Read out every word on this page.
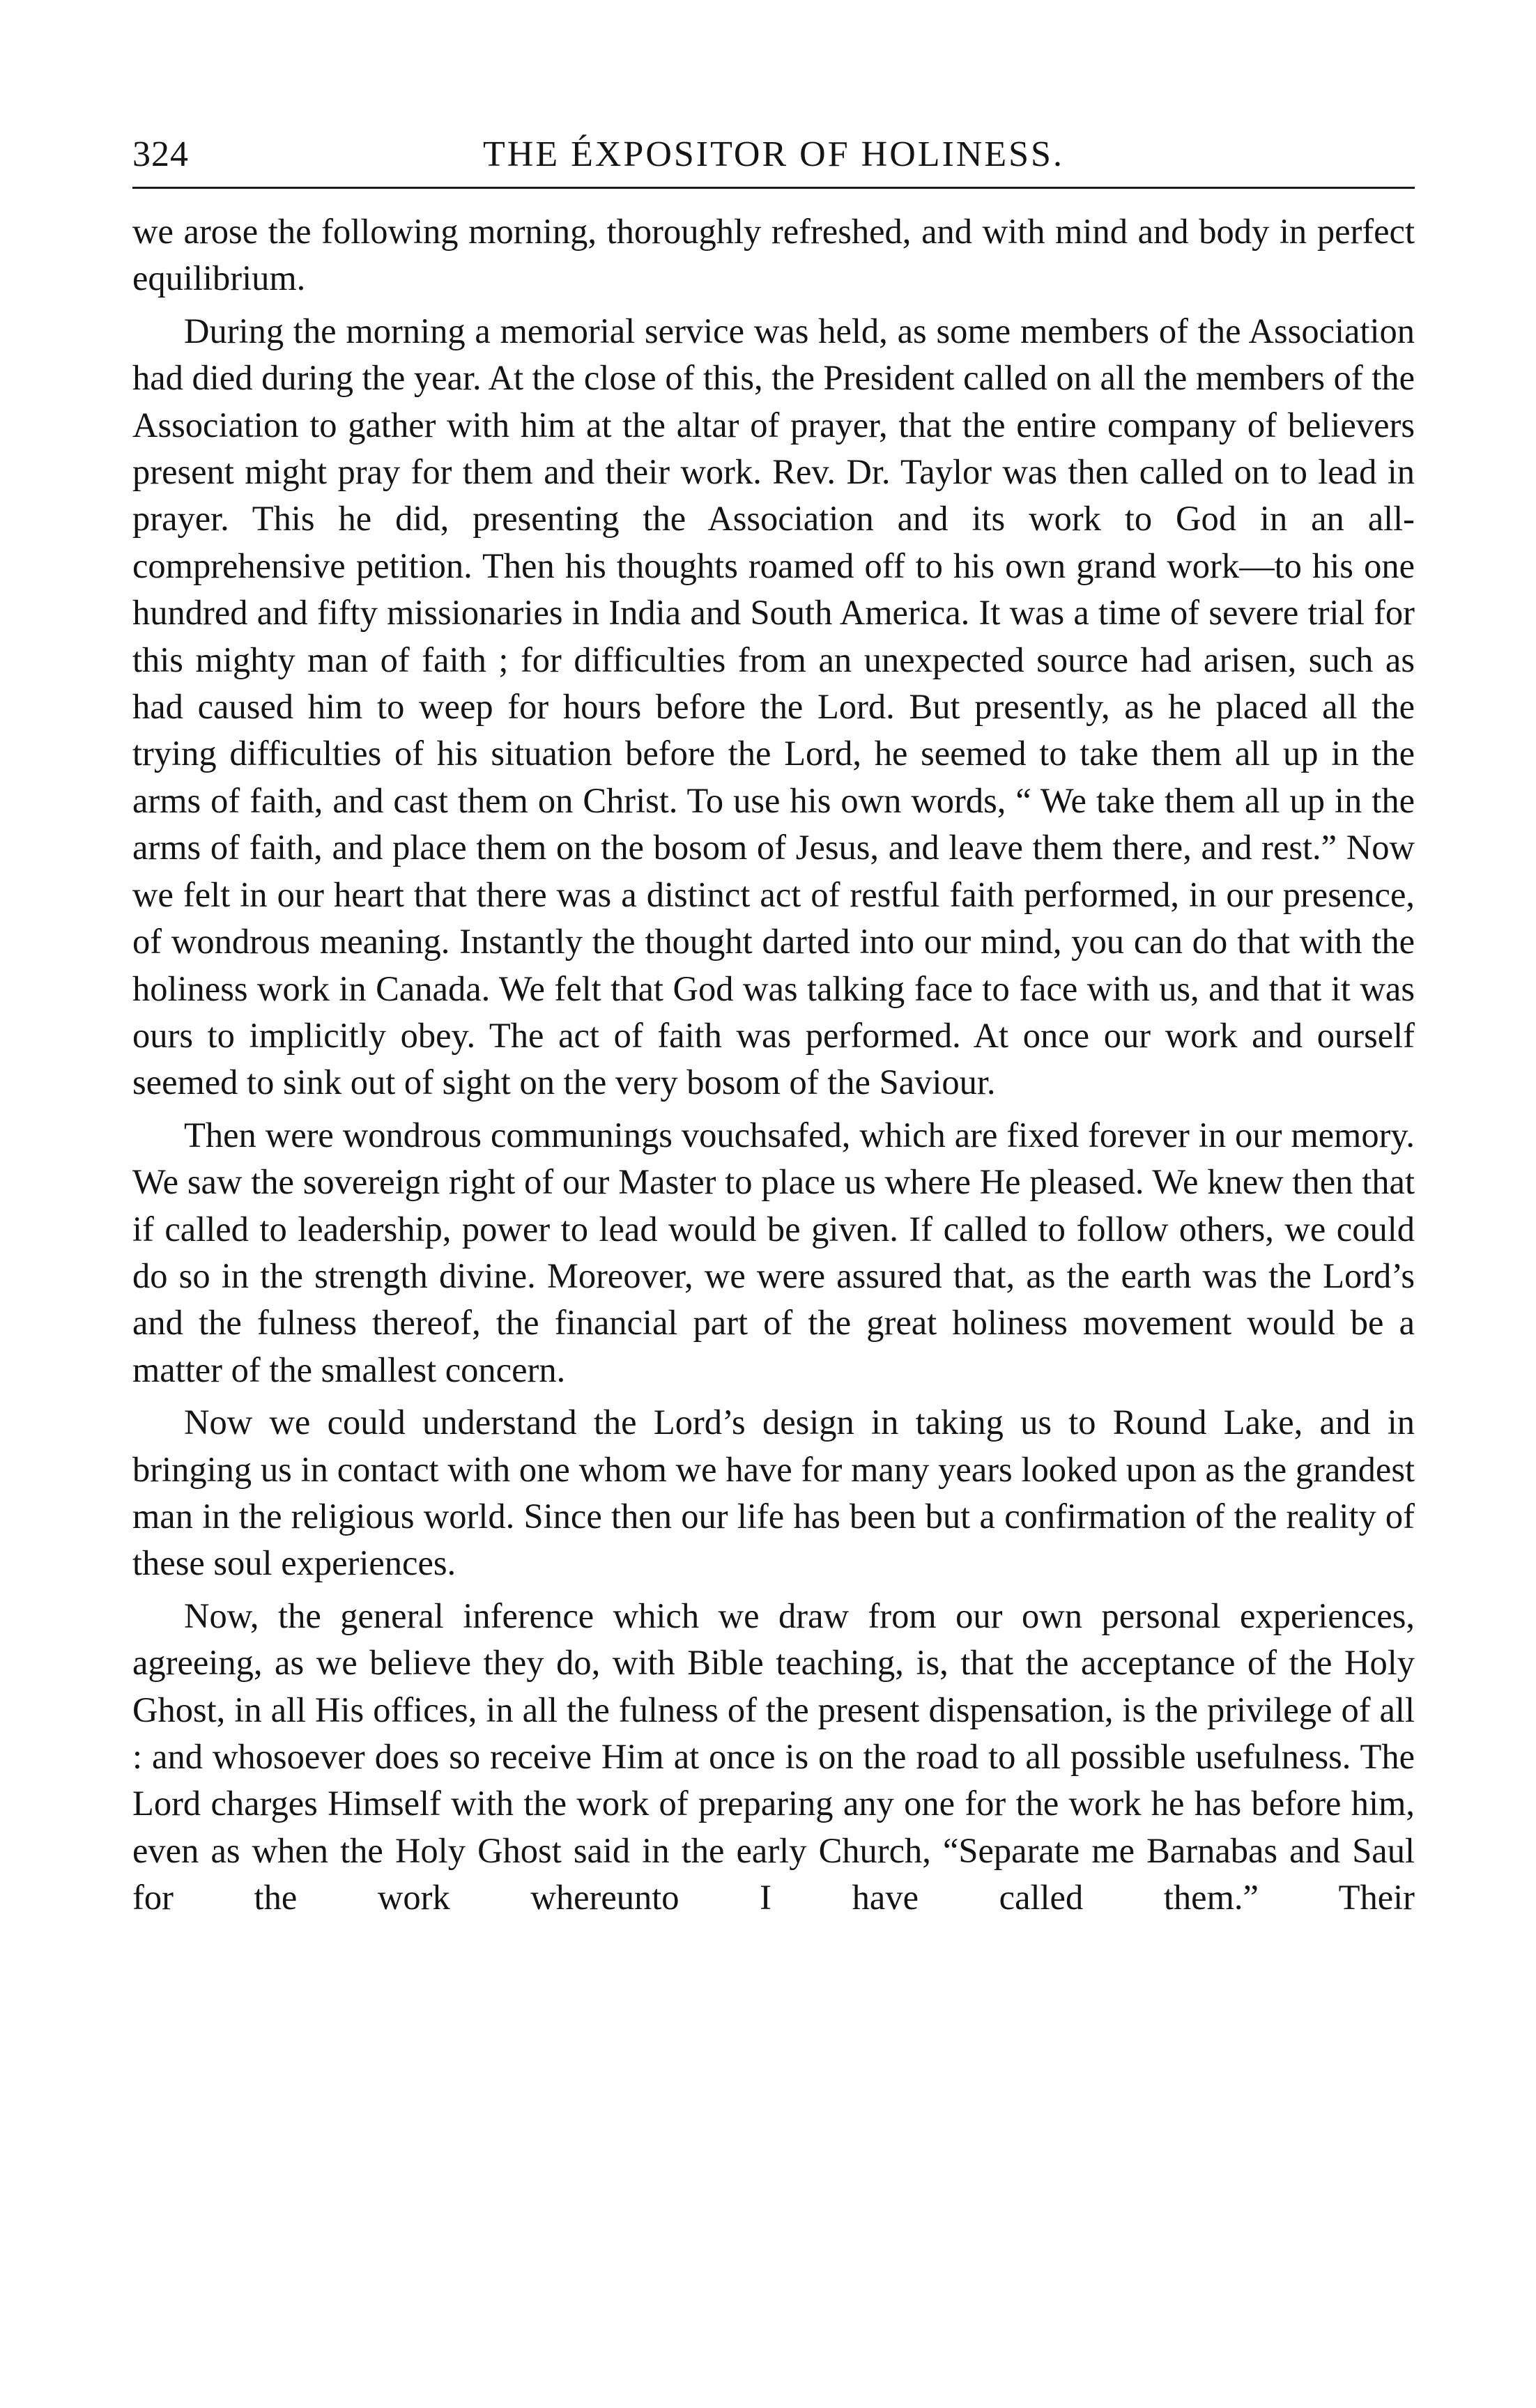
324	THE ÉXPOSITOR OF HOLINESS.

we arose the following morning, thoroughly refreshed, and with mind and body in perfect equilibrium.

During the morning a memorial service was held, as some members of the Association had died during the year. At the close of this, the President called on all the members of the Association to gather with him at the altar of prayer, that the entire company of believers present might pray for them and their work. Rev. Dr. Taylor was then called on to lead in prayer. This he did, presenting the Association and its work to God in an all-comprehensive petition. Then his thoughts roamed off to his own grand work—to his one hundred and fifty missionaries in India and South America. It was a time of severe trial for this mighty man of faith ; for difficulties from an unexpected source had arisen, such as had caused him to weep for hours before the Lord. But presently, as he placed all the trying difficulties of his situation before the Lord, he seemed to take them all up in the arms of faith, and cast them on Christ. To use his own words, “ We take them all up in the arms of faith, and place them on the bosom of Jesus, and leave them there, and rest.” Now we felt in our heart that there was a distinct act of restful faith performed, in our presence, of wondrous meaning. Instantly the thought darted into our mind, you can do that with the holiness work in Canada. We felt that God was talking face to face with us, and that it was ours to implicitly obey. The act of faith was performed. At once our work and ourself seemed to sink out of sight on the very bosom of the Saviour.

Then were wondrous communings vouchsafed, which are fixed forever in our memory. We saw the sovereign right of our Master to place us where He pleased. We knew then that if called to leadership, power to lead would be given. If called to follow others, we could do so in the strength divine. Moreover, we were assured that, as the earth was the Lord’s and the fulness thereof, the financial part of the great holiness movement would be a matter of the smallest concern.

Now we could understand the Lord’s design in taking us to Round Lake, and in bringing us in contact with one whom we have for many years looked upon as the grandest man in the religious world. Since then our life has been but a confirmation of the reality of these soul experiences.

Now, the general inference which we draw from our own personal experiences, agreeing, as we believe they do, with Bible teaching, is, that the acceptance of the Holy Ghost, in all His offices, in all the fulness of the present dispensation, is the privilege of all : and whosoever does so receive Him at once is on the road to all possible usefulness. The Lord charges Himself with the work of preparing any one for the work he has before him, even as when the Holy Ghost said in the early Church, “Separate me Barnabas and Saul for the work whereunto I have called them.” Their
